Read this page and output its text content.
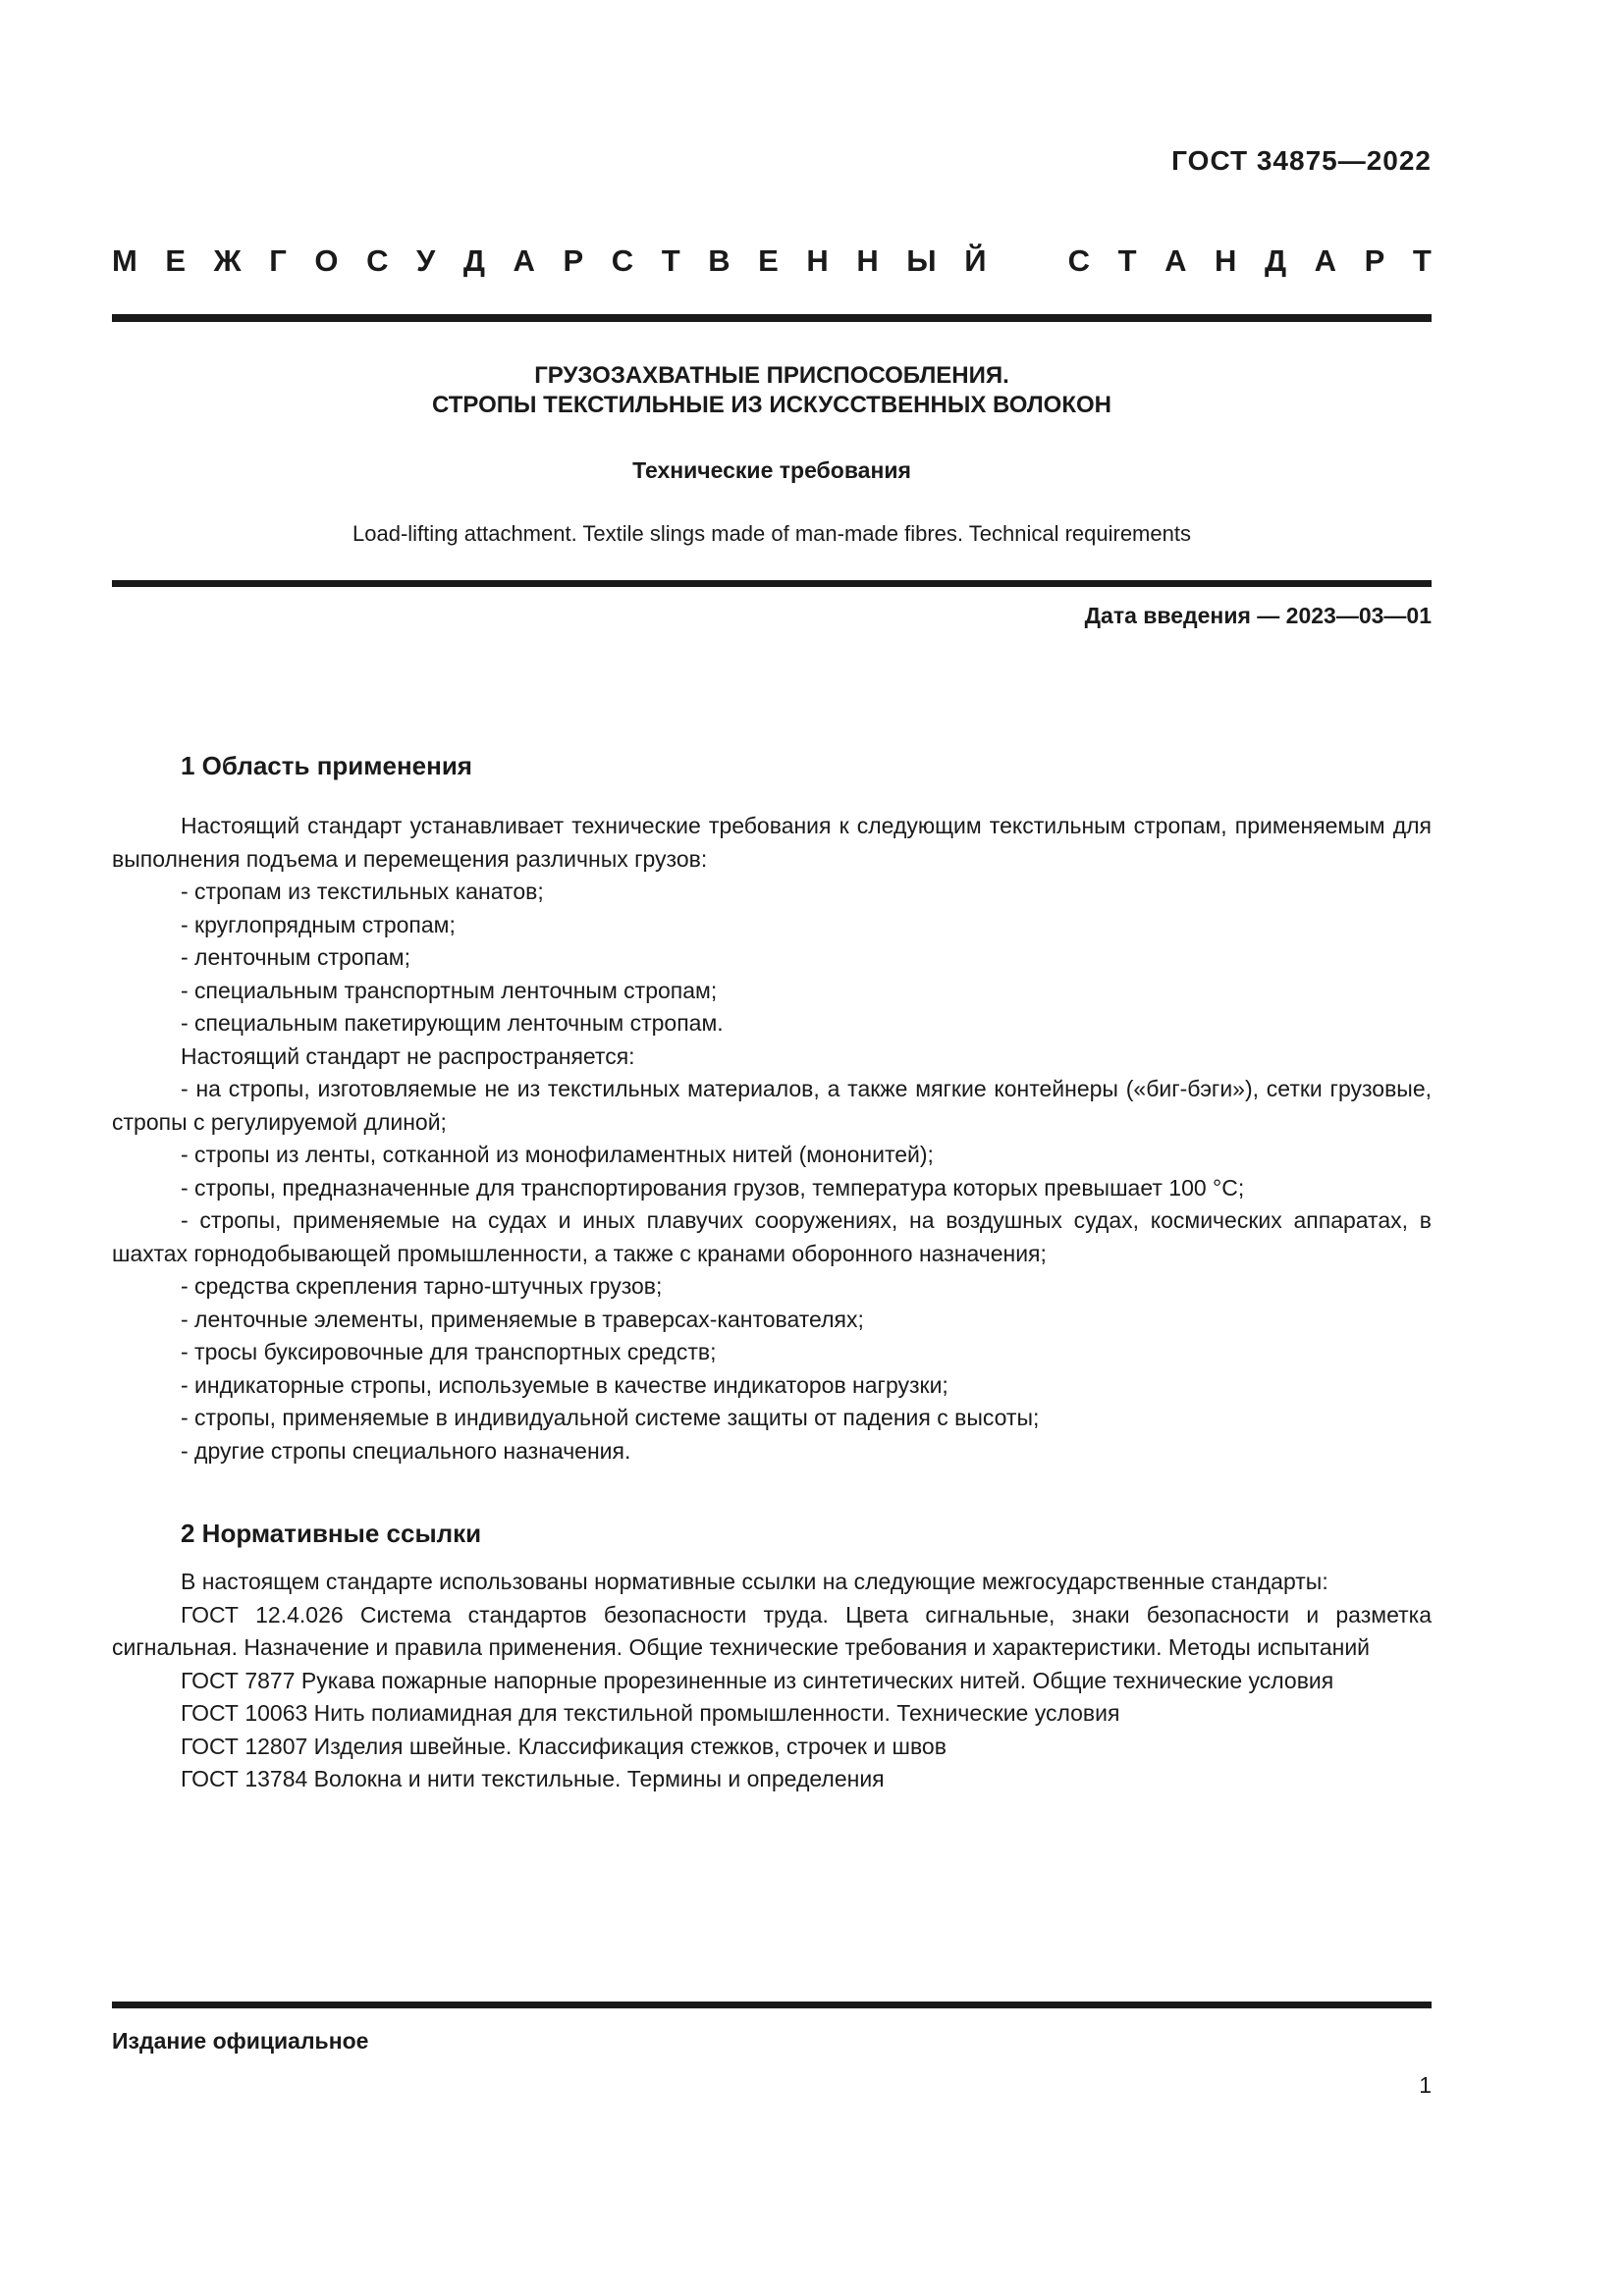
ГОСТ 34875—2022
М Е Ж Г О С У Д А Р С Т В Е Н Н Ы Й	С Т А Н Д А Р Т
ГРУЗОЗАХВАТНЫЕ ПРИСПОСОБЛЕНИЯ.
СТРОПЫ ТЕКСТИЛЬНЫЕ ИЗ ИСКУССТВЕННЫХ ВОЛОКОН
Технические требования
Load-lifting attachment. Textile slings made of man-made fibres. Technical requirements
Дата введения — 2023—03—01
1 Область применения

Настоящий стандарт устанавливает технические требования к следующим текстильным стропам, применяемым для выполнения подъема и перемещения различных грузов:

- стропам из текстильных канатов;

- круглопрядным стропам;

- ленточным стропам;

- специальным транспортным ленточным стропам;

- специальным пакетирующим ленточным стропам.

Настоящий стандарт не распространяется:

- на стропы, изготовляемые не из текстильных материалов, а также мягкие контейнеры («биг-бэги»), сетки грузовые, стропы с регулируемой длиной;

- стропы из ленты, сотканной из монофиламентных нитей (мононитей);

- стропы, предназначенные для транспортирования грузов, температура которых превышает 100 °С;

- стропы, применяемые на судах и иных плавучих сооружениях, на воздушных судах, космических аппаратах, в шахтах горнодобывающей промышленности, а также с кранами оборонного назначения;

- средства скрепления тарно-штучных грузов;

- ленточные элементы, применяемые в траверсах-кантователях;

- тросы буксировочные для транспортных средств;

- индикаторные стропы, используемые в качестве индикаторов нагрузки;

- стропы, применяемые в индивидуальной системе защиты от падения с высоты;

- другие стропы специального назначения.

2 Нормативные ссылки

В настоящем стандарте использованы нормативные ссылки на следующие межгосударственные стандарты:

ГОСТ 12.4.026 Система стандартов безопасности труда. Цвета сигнальные, знаки безопасности и разметка сигнальная. Назначение и правила применения. Общие технические требования и характеристики. Методы испытаний

ГОСТ 7877 Рукава пожарные напорные прорезиненные из синтетических нитей. Общие технические условия

ГОСТ 10063 Нить полиамидная для текстильной промышленности. Технические условия

ГОСТ 12807 Изделия швейные. Классификация стежков, строчек и швов

ГОСТ 13784 Волокна и нити текстильные. Термины и определения

Издание официальное
1
